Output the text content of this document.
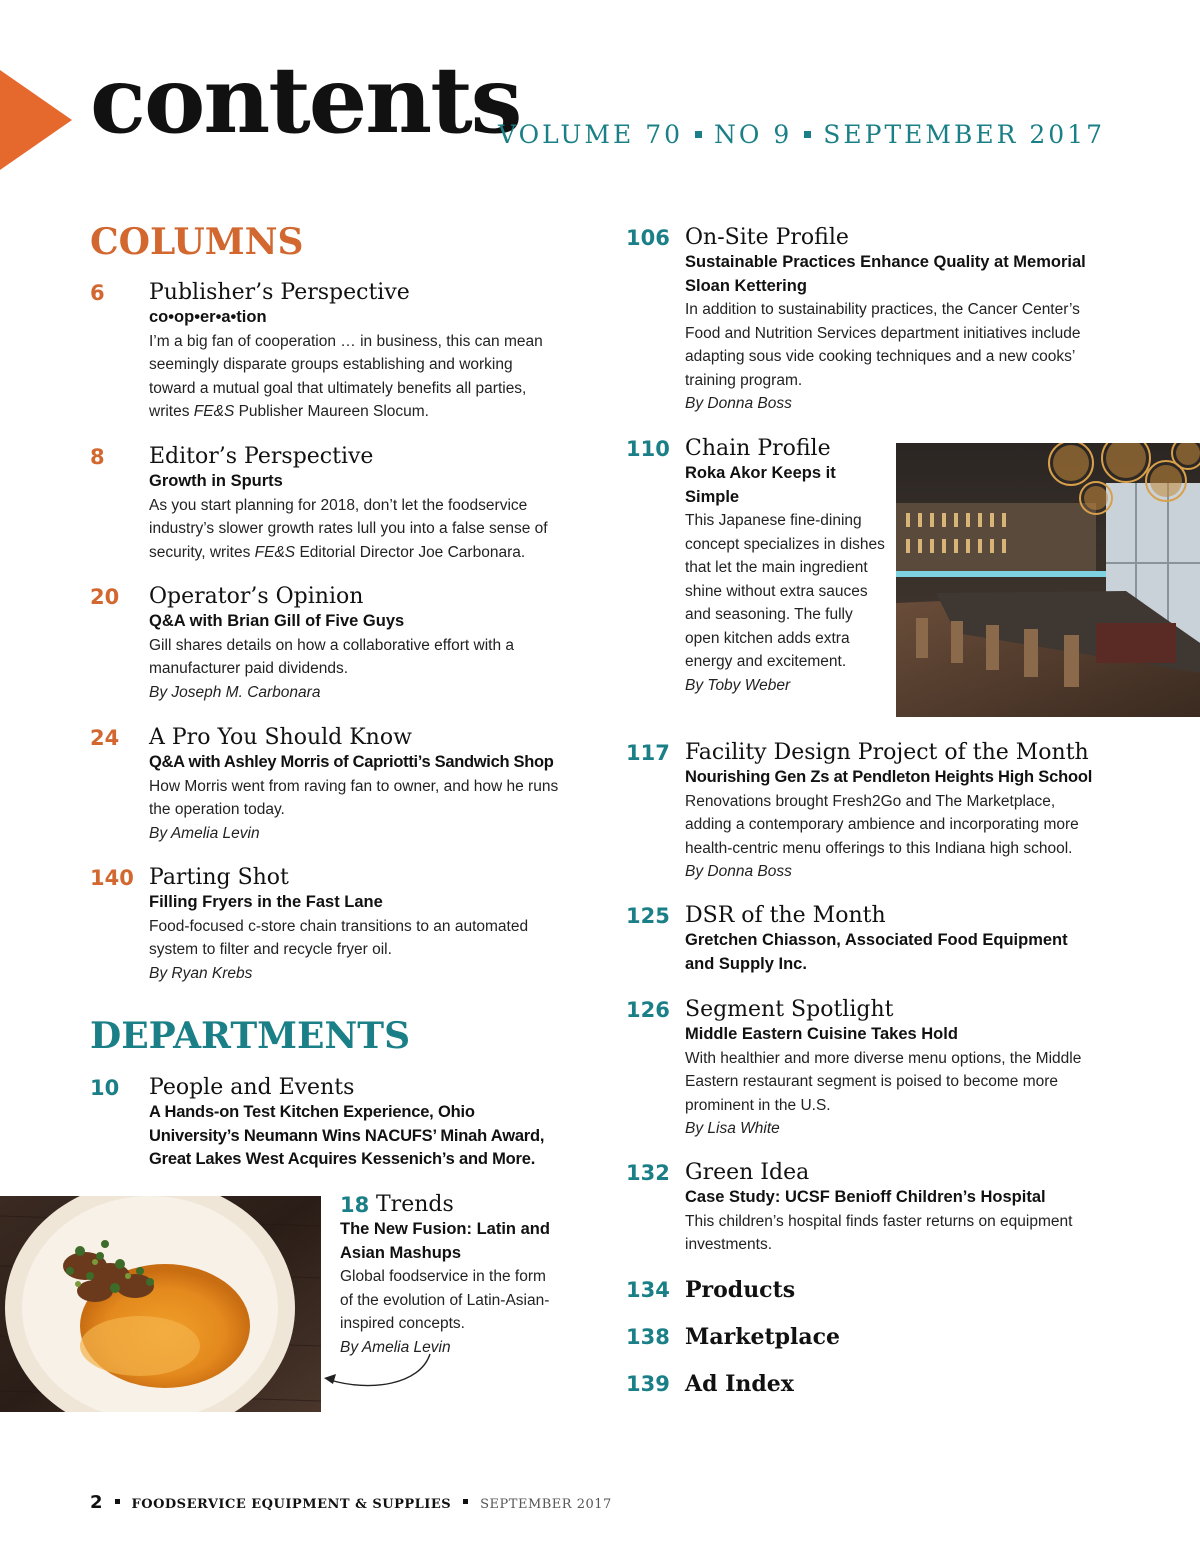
contents
VOLUME 70 NO 9 SEPTEMBER 2017
COLUMNS
6 Publisher’s Perspective
co•op•er•a•tion
I’m a big fan of cooperation … in business, this can mean seemingly disparate groups establishing and working toward a mutual goal that ultimately benefits all parties, writes FE&S Publisher Maureen Slocum.
8 Editor’s Perspective
Growth in Spurts
As you start planning for 2018, don’t let the foodservice industry’s slower growth rates lull you into a false sense of security, writes FE&S Editorial Director Joe Carbonara.
20 Operator’s Opinion
Q&A with Brian Gill of Five Guys
Gill shares details on how a collaborative effort with a manufacturer paid dividends.
By Joseph M. Carbonara
24 A Pro You Should Know
Q&A with Ashley Morris of Capriotti’s Sandwich Shop
How Morris went from raving fan to owner, and how he runs the operation today.
By Amelia Levin
140 Parting Shot
Filling Fryers in the Fast Lane
Food-focused c-store chain transitions to an automated system to filter and recycle fryer oil.
By Ryan Krebs
DEPARTMENTS
10 People and Events
A Hands-on Test Kitchen Experience, Ohio University’s Neumann Wins NACUFS’ Minah Award, Great Lakes West Acquires Kessenich’s and More.
18 Trends
The New Fusion: Latin and Asian Mashups
Global foodservice in the form of the evolution of Latin-Asian-inspired concepts.
By Amelia Levin
106 On-Site Profile
Sustainable Practices Enhance Quality at Memorial Sloan Kettering
In addition to sustainability practices, the Cancer Center’s Food and Nutrition Services department initiatives include adapting sous vide cooking techniques and a new cooks’ training program.
By Donna Boss
110 Chain Profile
Roka Akor Keeps it Simple
This Japanese fine-dining concept specializes in dishes that let the main ingredient shine without extra sauces and seasoning. The fully open kitchen adds extra energy and excitement.
By Toby Weber
117 Facility Design Project of the Month
Nourishing Gen Zs at Pendleton Heights High School
Renovations brought Fresh2Go and The Marketplace, adding a contemporary ambience and incorporating more health-centric menu offerings to this Indiana high school.
By Donna Boss
125 DSR of the Month
Gretchen Chiasson, Associated Food Equipment and Supply Inc.
126 Segment Spotlight
Middle Eastern Cuisine Takes Hold
With healthier and more diverse menu options, the Middle Eastern restaurant segment is poised to become more prominent in the U.S.
By Lisa White
132 Green Idea
Case Study: UCSF Benioff Children’s Hospital
This children’s hospital finds faster returns on equipment investments.
134 Products
138 Marketplace
139 Ad Index
2 FOODSERVICE EQUIPMENT & SUPPLIES SEPTEMBER 2017
